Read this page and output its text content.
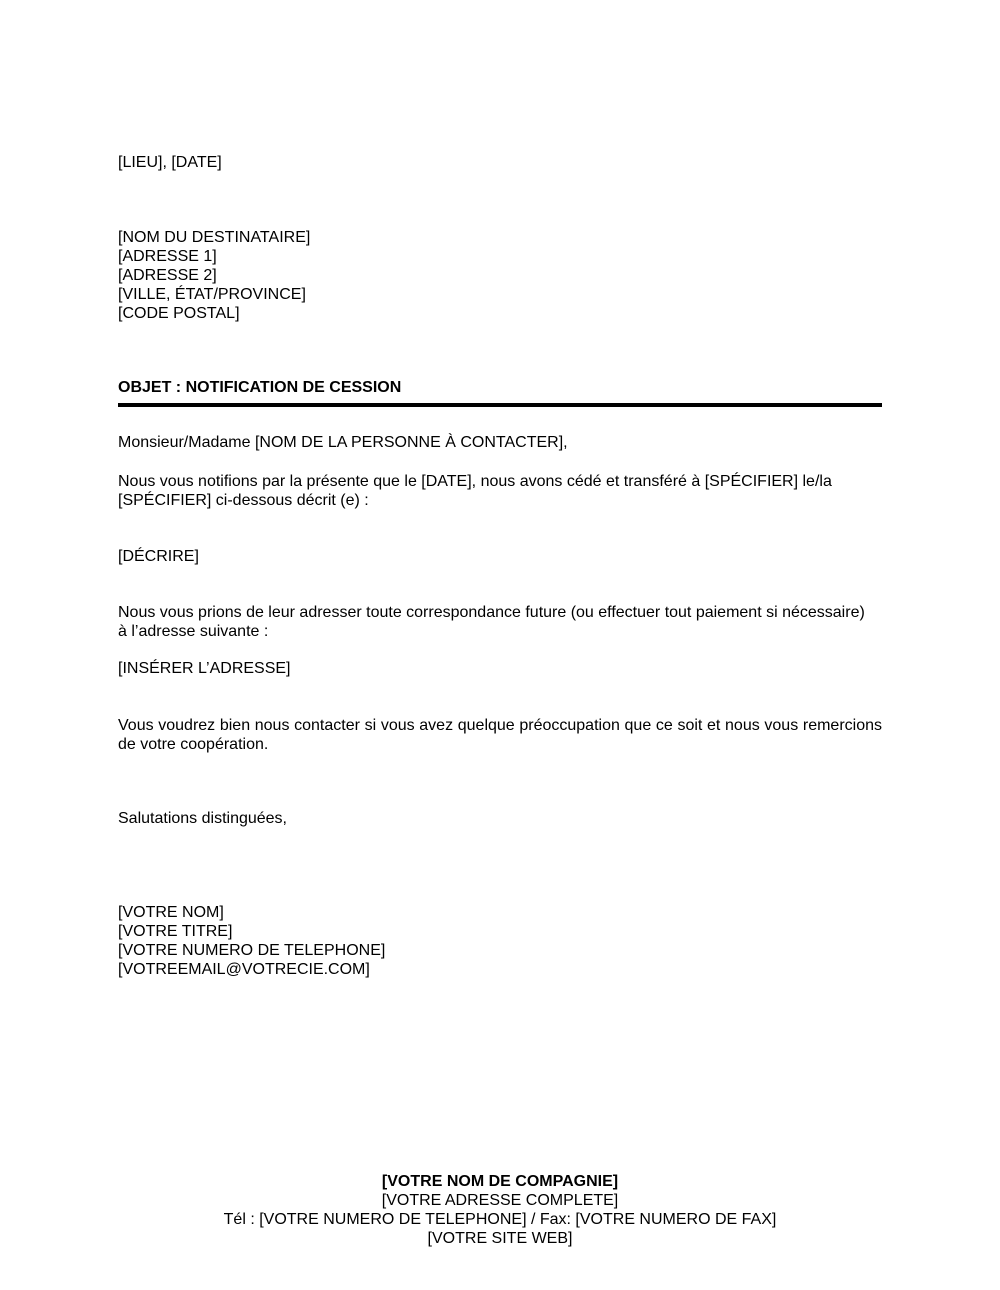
[LIEU], [DATE]
[NOM DU DESTINATAIRE]
[ADRESSE 1]
[ADRESSE 2]
[VILLE, ÉTAT/PROVINCE]
[CODE POSTAL]
OBJET : NOTIFICATION DE CESSION
Monsieur/Madame [NOM DE LA PERSONNE À CONTACTER],
Nous vous notifions par la présente que le [DATE], nous avons cédé et transféré à [SPÉCIFIER] le/la
[SPÉCIFIER] ci-dessous décrit (e) :
[DÉCRIRE]
Nous vous prions de leur adresser toute correspondance future (ou effectuer tout paiement si nécessaire)
à l’adresse suivante :
[INSÉRER L’ADRESSE]
Vous voudrez bien nous contacter si vous avez quelque préoccupation que ce soit et nous vous remercions de votre coopération.
Salutations distinguées,
[VOTRE NOM]
[VOTRE TITRE]
[VOTRE NUMERO DE TELEPHONE]
[VOTREEMAIL@VOTRECIE.COM]
[VOTRE NOM DE COMPAGNIE]
[VOTRE ADRESSE COMPLETE]
Tél : [VOTRE NUMERO DE TELEPHONE] / Fax: [VOTRE NUMERO DE FAX]
[VOTRE SITE WEB]
